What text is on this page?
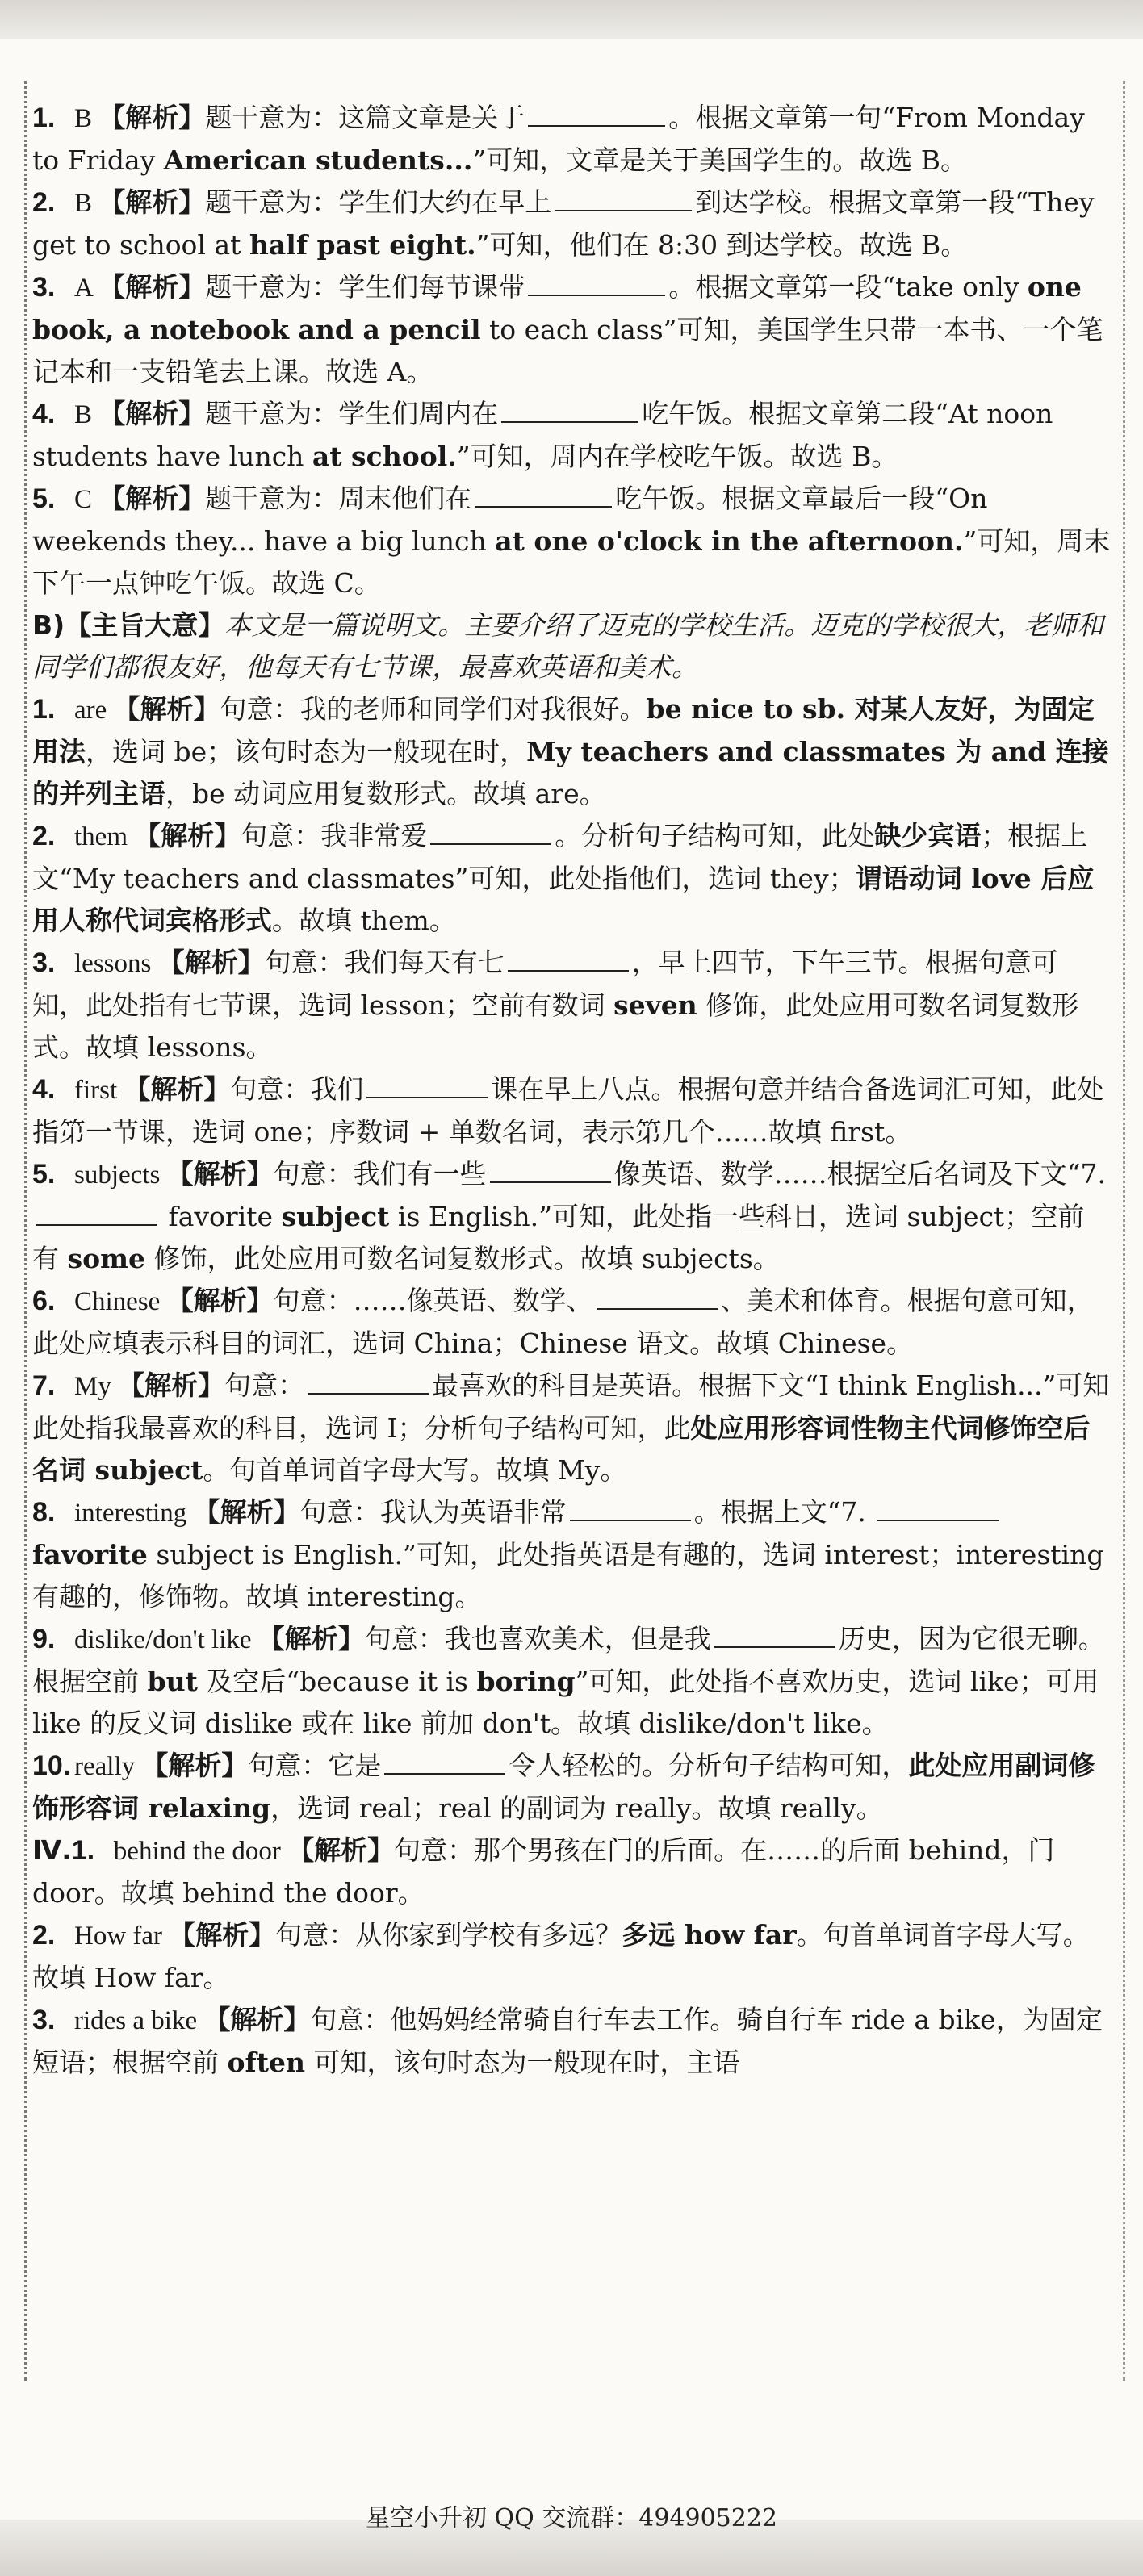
1. B 【解析】题干意为：这篇文章是关于	。根据文章第一句“From Monday to Friday American students...”可知，文章是关于美国学生的。故选 B。
2. B 【解析】题干意为：学生们大约在早上	到达学校。根据文章第一段“They get to school at half past eight.”可知，他们在 8:30 到达学校。故选 B。
3. A 【解析】题干意为：学生们每节课带	。根据文章第一段“take only one book, a notebook and a pencil to each class”可知，美国学生只带一本书、一个笔记本和一支铅笔去上课。故选 A。
4. B 【解析】题干意为：学生们周内在	吃午饭。根据文章第二段“At noon students have lunch at school.”可知，周内在学校吃午饭。故选 B。
5. C 【解析】题干意为：周末他们在	吃午饭。根据文章最后一段“On weekends they... have a big lunch at one o'clock in the afternoon.”可知，周末下午一点钟吃午饭。故选 C。
B)【主旨大意】本文是一篇说明文。主要介绍了迈克的学校生活。迈克的学校很大，老师和同学们都很友好，他每天有七节课，最喜欢英语和美术。
1. are 【解析】句意：我的老师和同学们对我很好。be nice to sb. 对某人友好，为固定用法，选词 be；该句时态为一般现在时，My teachers and classmates 为 and 连接的并列主语，be 动词应用复数形式。故填 are。
2. them 【解析】句意：我非常爱	。分析句子结构可知，此处缺少宾语；根据上文“My teachers and classmates”可知，此处指他们，选词 they；谓语动词 love 后应用人称代词宾格形式。故填 them。
3. lessons 【解析】句意：我们每天有七	，早上四节，下午三节。根据句意可知，此处指有七节课，选词 lesson；空前有数词 seven 修饰，此处应用可数名词复数形式。故填 lessons。
4. first 【解析】句意：我们	课在早上八点。根据句意并结合备选词汇可知，此处指第一节课，选词 one；序数词 + 单数名词，表示第几个……故填 first。
5. subjects 【解析】句意：我们有一些	像英语、数学……根据空后名词及下文“7.  favorite subject is English.”可知，此处指一些科目，选词 subject；空前有 some 修饰，此处应用可数名词复数形式。故填 subjects。
6. Chinese 【解析】句意：……像英语、数学、	、美术和体育。根据句意可知，此处应填表示科目的词汇，选词 China；Chinese 语文。故填 Chinese。
7. My 【解析】句意：	最喜欢的科目是英语。根据下文“I think English...”可知此处指我最喜欢的科目，选词 I；分析句子结构可知，此处应用形容词性物主代词修饰空后名词 subject。句首单词首字母大写。故填 My。
8. interesting 【解析】句意：我认为英语非常	。根据上文“7.  favorite subject is English.”可知，此处指英语是有趣的，选词 interest；interesting 有趣的，修饰物。故填 interesting。
9. dislike/don't like 【解析】句意：我也喜欢美术，但是我	历史，因为它很无聊。根据空前 but 及空后“because it is boring”可知，此处指不喜欢历史，选词 like；可用 like 的反义词 dislike 或在 like 前加 don't。故填 dislike/don't like。
10. really 【解析】句意：它是	令人轻松的。分析句子结构可知，此处应用副词修饰形容词 relaxing，选词 real；real 的副词为 really。故填 really。
Ⅳ.1. behind the door 【解析】句意：那个男孩在门的后面。在……的后面 behind，门 door。故填 behind the door。
2. How far 【解析】句意：从你家到学校有多远？多远 how far。句首单词首字母大写。故填 How far。
3. rides a bike 【解析】句意：他妈妈经常骑自行车去工作。骑自行车 ride a bike，为固定短语；根据空前 often 可知，该句时态为一般现在时，主语
星空小升初 QQ 交流群：494905222
